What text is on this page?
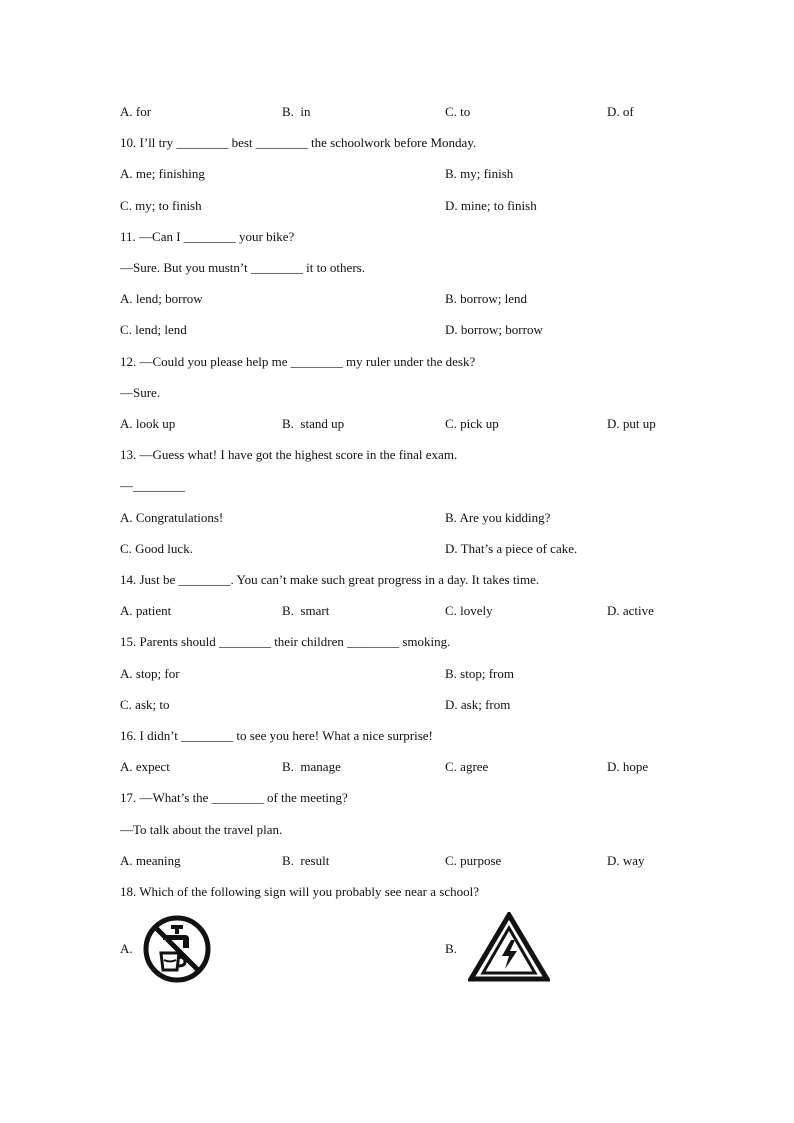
A. for	B.  in	C. to	D. of
10. I’ll try ________ best ________ the schoolwork before Monday.
A. me; finishing	B. my; finish
C. my; to finish	D. mine; to finish
11. —Can I ________ your bike?
—Sure. But you mustn’t ________ it to others.
A. lend; borrow	B. borrow; lend
C. lend; lend	D. borrow; borrow
12. —Could you please help me ________ my ruler under the desk?
—Sure.
A. look up	B.  stand up	C. pick up	D. put up
13. —Guess what! I have got the highest score in the final exam.
—________
A. Congratulations!	B. Are you kidding?
C. Good luck.	D. That’s a piece of cake.
14. Just be ________. You can’t make such great progress in a day. It takes time.
A. patient	B.  smart	C. lovely	D. active
15. Parents should ________ their children ________ smoking.
A. stop; for	B. stop; from
C. ask; to	D. ask; from
16. I didn’t ________ to see you here! What a nice surprise!
A. expect	B.  manage	C. agree	D. hope
17. —What’s the ________ of the meeting?
—To talk about the travel plan.
A. meaning	B.  result	C. purpose	D. way
18. Which of the following sign will you probably see near a school?
A.	B.
